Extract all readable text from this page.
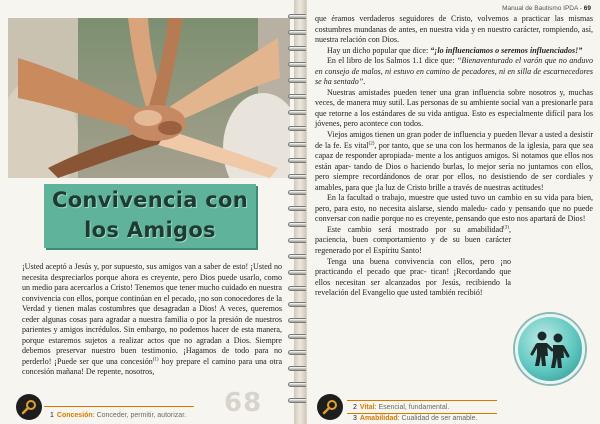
Convivencia con
los Amigos
¡Usted aceptó a Jesús y, por supuesto, sus amigos van a saber de esto! ¡Usted no necesita despreciarlos porque ahora es creyente, pero Dios puede usarlo, como un medio para acercarlos a Cristo! Tenemos que tener mucho cuidado en nuestra convivencia con ellos, porque continúan en el pecado, ¡no son conocedores de la Verdad y tienen malas costumbres que desagradan a Dios! A veces, queremos ceder algunas cosas para agradar a nuestra familia o por la presión de nuestros parientes y amigos incrédulos. Sin embargo, no podemos hacer de esta manera, porque estaremos sujetos a realizar actos que no agradan a Dios. Siempre debemos preservar nuestro buen testimonio. ¡Hagamos de todo para no perderlo! ¡Puede ser que una concesión$^{(1)}$ hoy prepare el camino para una otra concesión mañana! De repente, nosotros,
1 Concesión: Conceder, permitir, autorizar. 68
Manual de Bautismo IPDA - 69

que éramos verdaderos seguidores de Cristo, volvemos a practicar las mismas costumbres mundanas de antes, en nuestra vida y en nuestro carácter, rompiendo, así, nuestra relación con Dios.

Hay un dicho popular que dice: “¡lo influenciamos o seremos influenciados!”

En el libro de los Salmos 1.1 dice que: “Bienaventurado el varón que no anduvo en consejo de malos, ni estuvo en camino de pecadores, ni en silla de escarnecedores se ha sentado”.

Nuestras amistades pueden tener una gran influencia sobre nosotros y, muchas veces, de manera muy sutil. Las personas de su ambiente social van a presionarle para que retorne a los estándares de su vida antigua. Esto es especialmente difícil para los jóvenes, pero acontece con todos.

Viejos amigos tienen un gran poder de influencia y pueden llevar a usted a desistir de la fe. Es vital$^{(2)}$, por tanto, que se una con los hermanos de la iglesia, para que sea capaz de responder apropiada- mente a los antiguos amigos. Si notamos que ellos nos están apar- tando de Dios o haciendo burlas, lo mejor sería no juntarnos con ellos, pero siempre recordándonos de orar por ellos, no desistiendo de ser cordiales y amables, para que ¡la luz de Cristo brille a través de nuestras actitudes!

En la facultad o trabajo, muestre que usted tuvo un cambio en su vida para bien, pero, para esto, no necesita aislarse, siendo maledu- cado y pensando que no puede conversar con nadie porque no es creyente, pensando que esto nos apartará de Dios!

Este cambio será mostrado por su amabilidad$^{(3)}$, paciencia, buen comportamiento y de su buen carácter regenerado por el Espíritu Santo!

Tenga una buena convivencia con ellos, pero ¡no practicando el pecado que prac- tican! ¡Recordando que ellos necesitan ser alcanzados por Jesús, recibiendo la revelación del Evangelio que usted también recibió!

2 Vital: Esencial, fundamental.
3 Amabilidad: Cualidad de ser amable.
